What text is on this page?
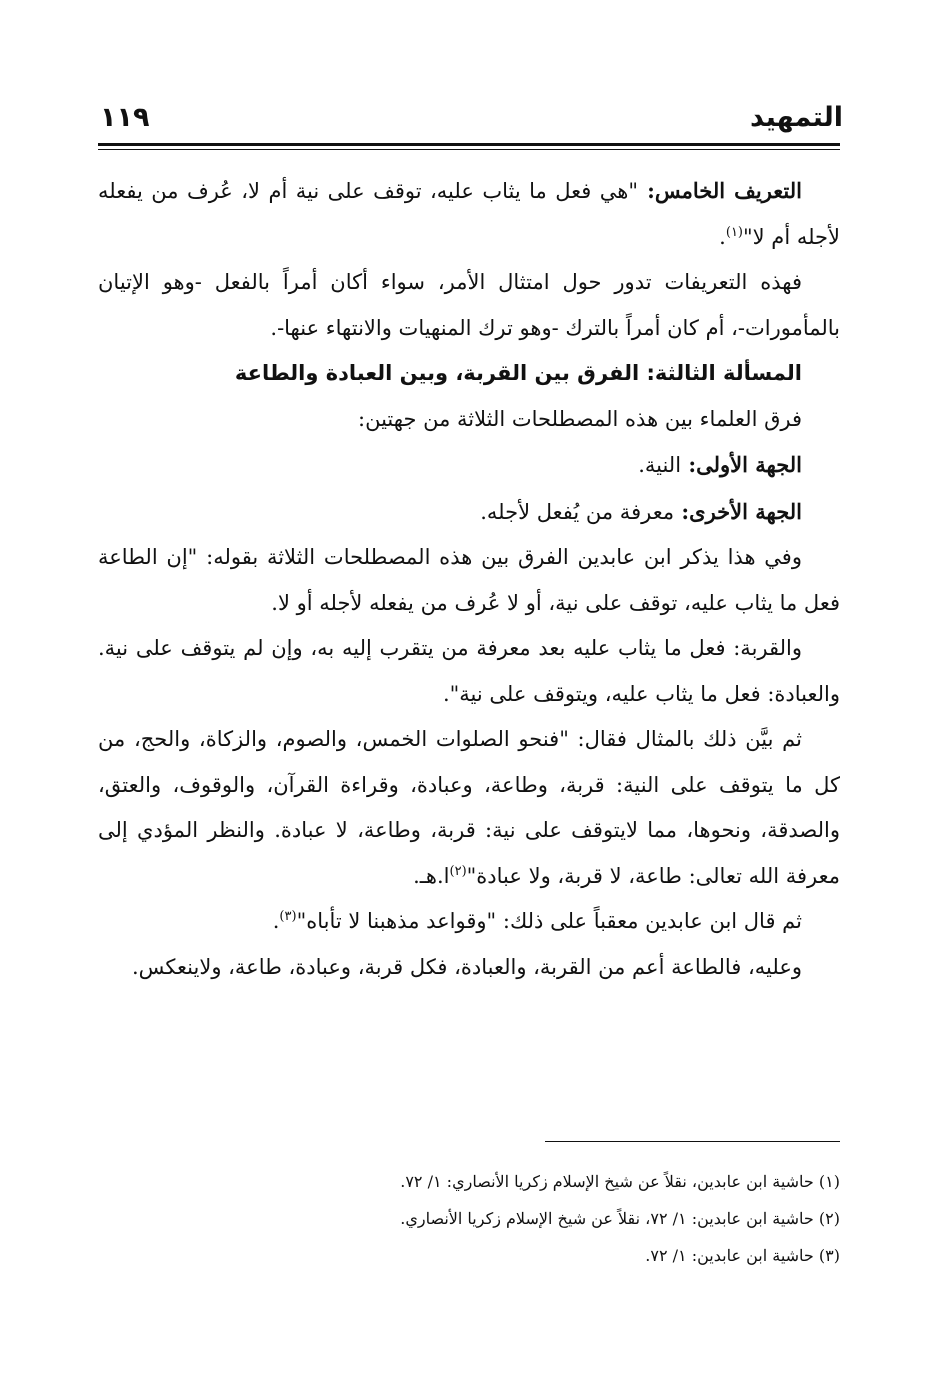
التمهيد
١١٩

التعريف الخامس: "هي فعل ما يثاب عليه، توقف على نية أم لا، عُرف من يفعله لأجله أم لا"$^{(١)}$.

فهذه التعريفات تدور حول امتثال الأمر، سواء أكان أمراً بالفعل -وهو الإتيان بالمأمورات-، أم كان أمراً بالترك -وهو ترك المنهيات والانتهاء عنها-.

المسألة الثالثة: الفرق بين القربة، وبين العبادة والطاعة

فرق العلماء بين هذه المصطلحات الثلاثة من جهتين:

الجهة الأولى: النية.

الجهة الأخرى: معرفة من يُفعل لأجله.

وفي هذا يذكر ابن عابدين الفرق بين هذه المصطلحات الثلاثة بقوله: "إن الطاعة فعل ما يثاب عليه، توقف على نية، أو لا عُرف من يفعله لأجله أو لا.

والقربة: فعل ما يثاب عليه بعد معرفة من يتقرب إليه به، وإن لم يتوقف على نية. والعبادة: فعل ما يثاب عليه، ويتوقف على نية".

ثم بيَّن ذلك بالمثال فقال: "فنحو الصلوات الخمس، والصوم، والزكاة، والحج، من كل ما يتوقف على النية: قربة، وطاعة، وعبادة، وقراءة القرآن، والوقوف، والعتق، والصدقة، ونحوها، مما لايتوقف على نية: قربة، وطاعة، لا عبادة. والنظر المؤدي إلى معرفة الله تعالى: طاعة، لا قربة، ولا عبادة"$^{(٢)}$ا.هـ.

ثم قال ابن عابدين معقباً على ذلك: "وقواعد مذهبنا لا تأباه"$^{(٣)}$.

وعليه، فالطاعة أعم من القربة، والعبادة، فكل قربة، وعبادة، طاعة، ولاينعكس.

(١) حاشية ابن عابدين، نقلاً عن شيخ الإسلام زكريا الأنصاري: ١/ ٧٢.

(٢) حاشية ابن عابدين: ١/ ٧٢، نقلاً عن شيخ الإسلام زكريا الأنصاري.

(٣) حاشية ابن عابدين: ١/ ٧٢.
